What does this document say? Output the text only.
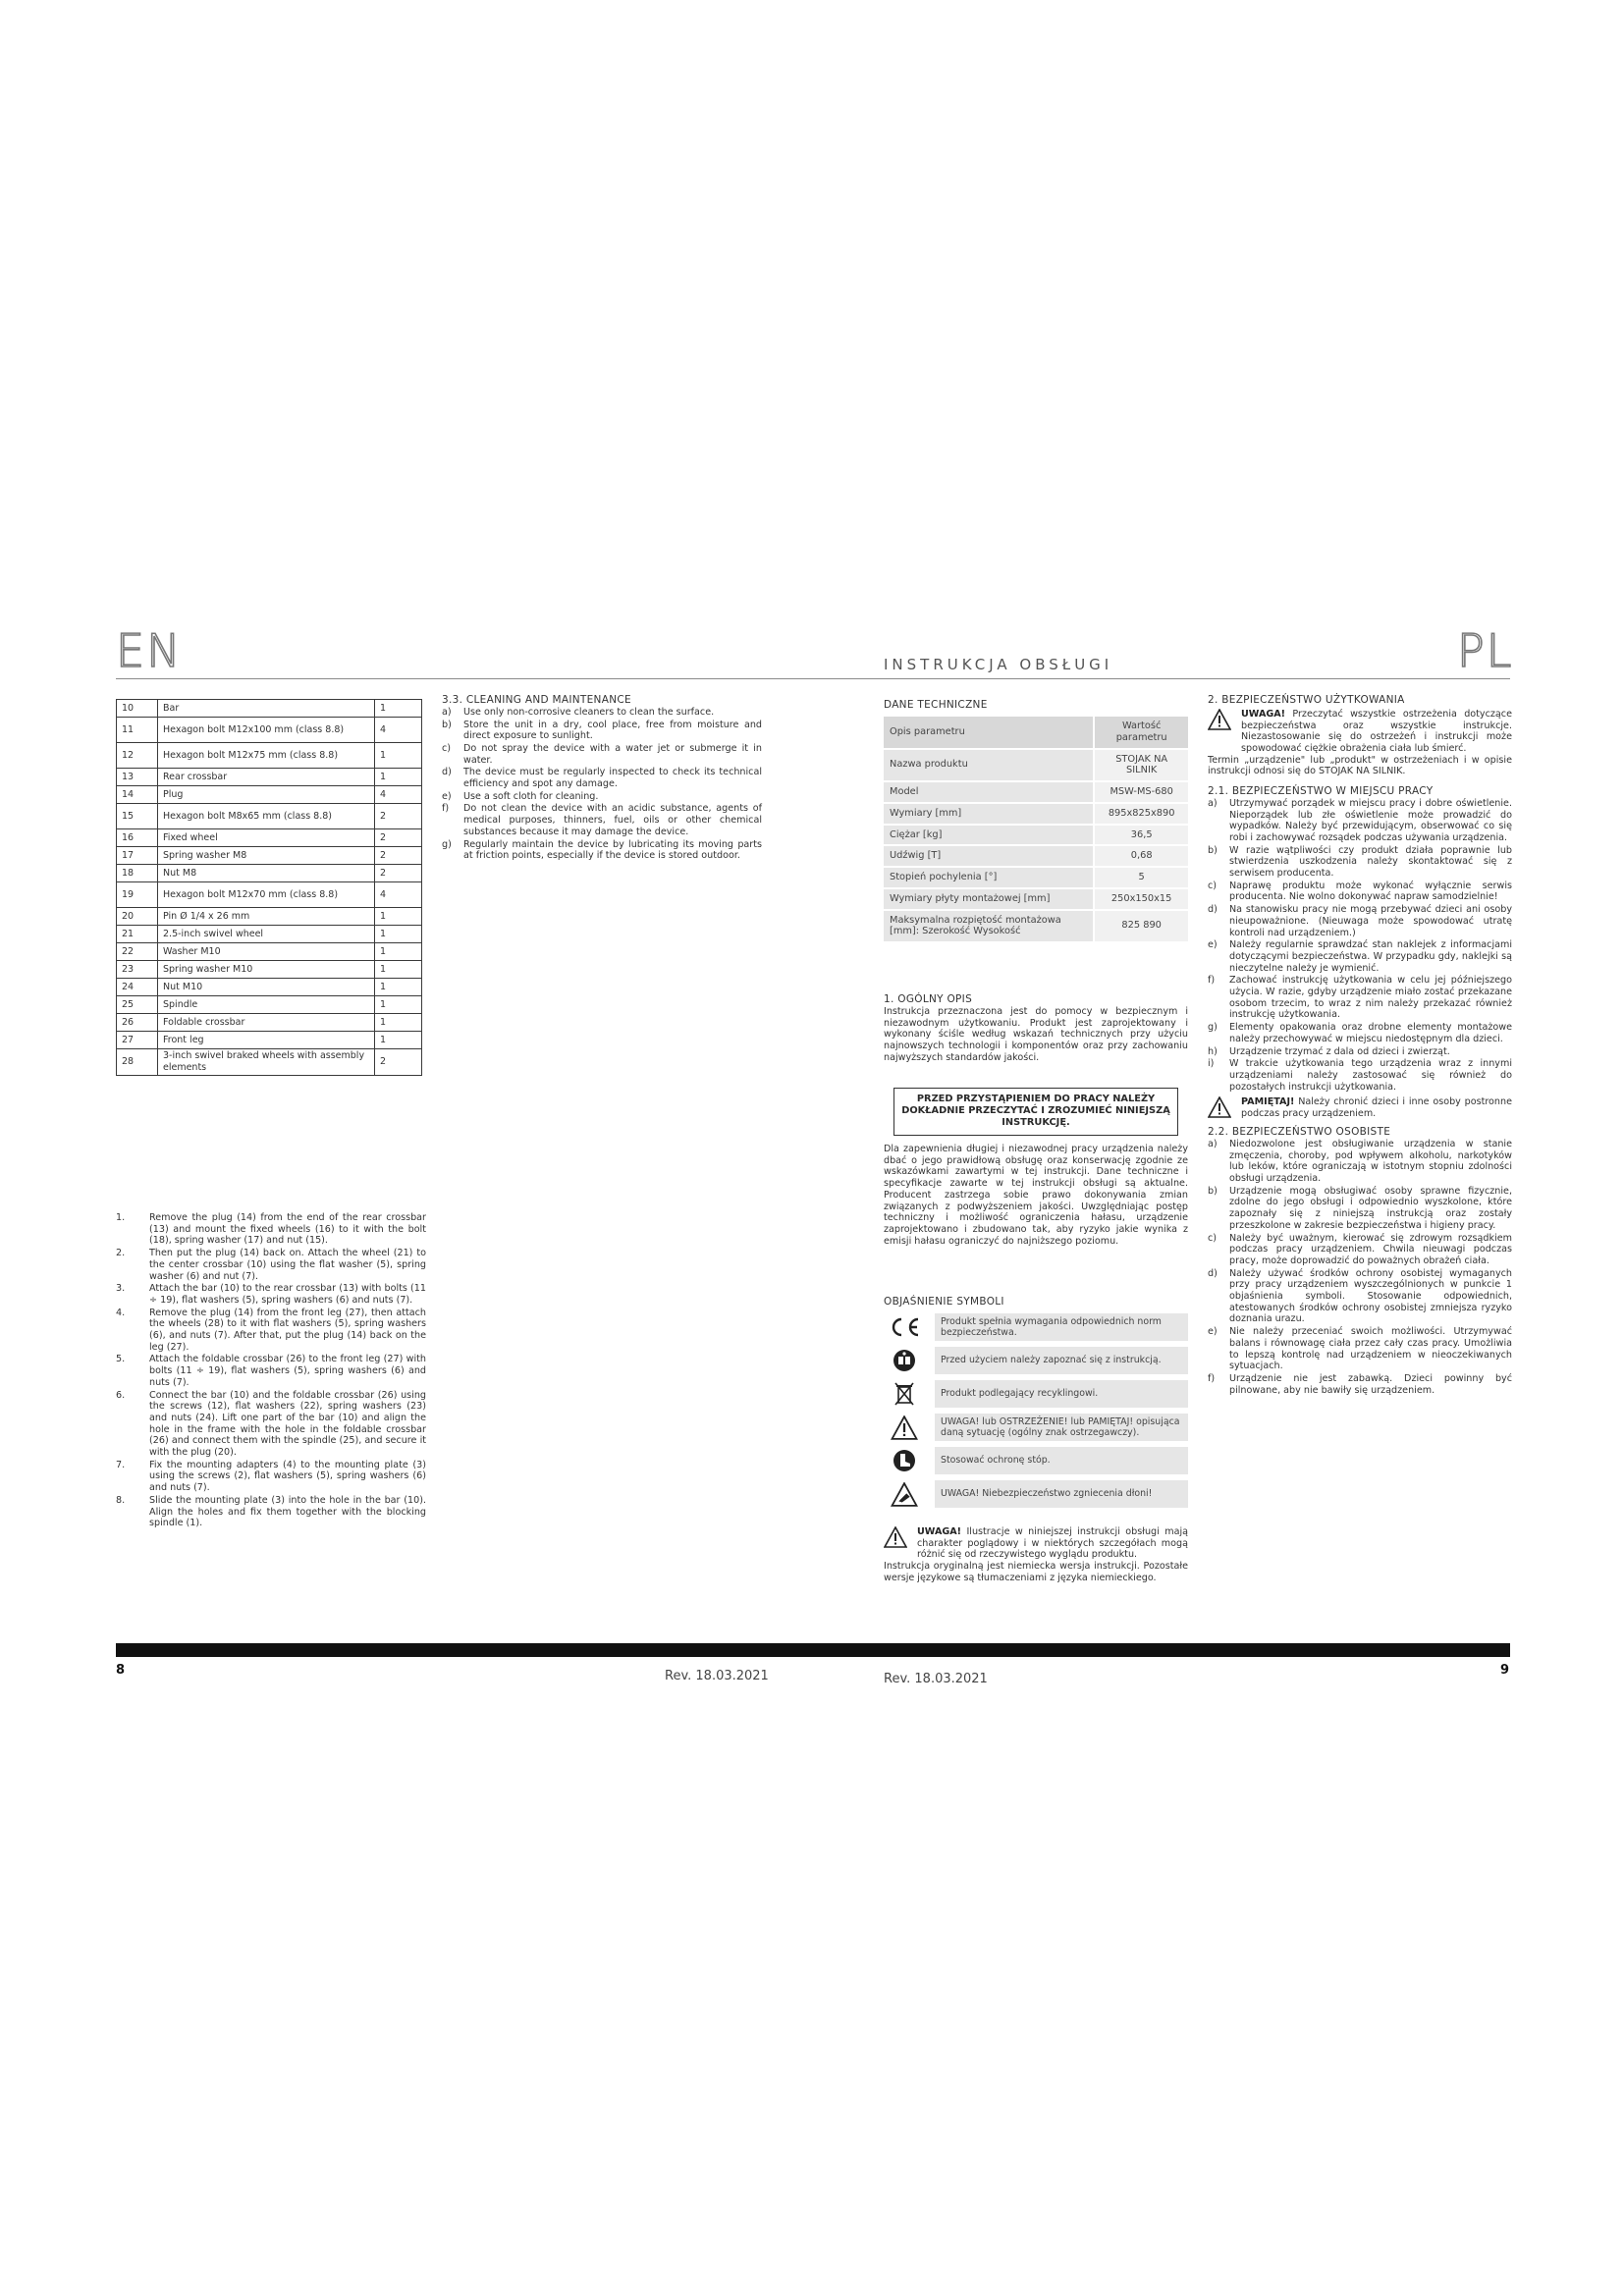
EN	INSTRUKCJA OBSŁUGI	PL
10	Bar	1
11	Hexagon bolt M12x100 mm (class 8.8)	4
12	Hexagon bolt M12x75 mm (class 8.8)	1
13	Rear crossbar	1
14	Plug	4
15	Hexagon bolt M8x65 mm (class 8.8)	2
16	Fixed wheel	2
17	Spring washer M8	2
18	Nut M8	2
19	Hexagon bolt M12x70 mm (class 8.8)	4
20	Pin Ø 1/4 x 26 mm	1
21	2.5-inch swivel wheel	1
22	Washer M10	1
23	Spring washer M10	1
24	Nut M10	1
25	Spindle	1
26	Foldable crossbar	1
27	Front leg	1
28	3-inch swivel braked wheels with assembly elements	2
1.	Remove the plug (14) from the end of the rear crossbar (13) and mount the fixed wheels (16) to it with the bolt (18), spring washer (17) and nut (15).
2.	Then put the plug (14) back on. Attach the wheel (21) to the center crossbar (10) using the flat washer (5), spring washer (6) and nut (7).
3.	Attach the bar (10) to the rear crossbar (13) with bolts (11 ÷ 19), flat washers (5), spring washers (6) and nuts (7).
4.	Remove the plug (14) from the front leg (27), then attach the wheels (28) to it with flat washers (5), spring washers (6), and nuts (7). After that, put the plug (14) back on the leg (27).
5.	Attach the foldable crossbar (26) to the front leg (27) with bolts (11 ÷ 19), flat washers (5), spring washers (6) and nuts (7).
6.	Connect the bar (10) and the foldable crossbar (26) using the screws (12), flat washers (22), spring washers (23) and nuts (24). Lift one part of the bar (10) and align the hole in the frame with the hole in the foldable crossbar (26) and connect them with the spindle (25), and secure it with the plug (20).
7.	Fix the mounting adapters (4) to the mounting plate (3) using the screws (2), flat washers (5), spring washers (6) and nuts (7).
8.	Slide the mounting plate (3) into the hole in the bar (10). Align the holes and fix them together with the blocking spindle (1).
3.3. CLEANING AND MAINTENANCE
a) Use only non-corrosive cleaners to clean the surface.
b) Store the unit in a dry, cool place, free from moisture and direct exposure to sunlight.
c) Do not spray the device with a water jet or submerge it in water.
d) The device must be regularly inspected to check its technical efficiency and spot any damage.
e) Use a soft cloth for cleaning.
f) Do not clean the device with an acidic substance, agents of medical purposes, thinners, fuel, oils or other chemical substances because it may damage the device.
g) Regularly maintain the device by lubricating its moving parts at friction points, especially if the device is stored outdoor.
DANE TECHNICZNE
Opis parametru	Wartość parametru
Nazwa produktu	STOJAK NA SILNIK
Model	MSW-MS-680
Wymiary [mm]	895x825x890
Ciężar [kg]	36,5
Udźwig [T]	0,68
Stopień pochylenia [°]	5
Wymiary płyty montażowej [mm]	250x150x15
Maksymalna rozpiętość montażowa [mm]: Szerokość Wysokość	825 890
1. OGÓLNY OPIS
Instrukcja przeznaczona jest do pomocy w bezpiecznym i niezawodnym użytkowaniu. Produkt jest zaprojektowany i wykonany ściśle według wskazań technicznych przy użyciu najnowszych technologii i komponentów oraz przy zachowaniu najwyższych standardów jakości.
PRZED PRZYSTĄPIENIEM DO PRACY NALEŻY DOKŁADNIE PRZECZYTAĆ I ZROZUMIEĆ NINIEJSZĄ INSTRUKCJĘ.
Dla zapewnienia długiej i niezawodnej pracy urządzenia należy dbać o jego prawidłową obsługę oraz konserwację zgodnie ze wskazówkami zawartymi w tej instrukcji. Dane techniczne i specyfikacje zawarte w tej instrukcji obsługi są aktualne. Producent zastrzega sobie prawo dokonywania zmian związanych z podwyższeniem jakości. Uwzględniając postęp techniczny i możliwość ograniczenia hałasu, urządzenie zaprojektowano i zbudowano tak, aby ryzyko jakie wynika z emisji hałasu ograniczyć do najniższego poziomu.
OBJAŚNIENIE SYMBOLI
Produkt spełnia wymagania odpowiednich norm bezpieczeństwa.
Przed użyciem należy zapoznać się z instrukcją.
Produkt podlegający recyklingowi.
UWAGA! lub OSTRZEŻENIE! lub PAMIĘTAJ! opisująca daną sytuację (ogólny znak ostrzegawczy).
Stosować ochronę stóp.
UWAGA! Niebezpieczeństwo zgniecenia dłoni!
UWAGA! Ilustracje w niniejszej instrukcji obsługi mają charakter poglądowy i w niektórych szczegółach mogą różnić się od rzeczywistego wyglądu produktu.
Instrukcja oryginalną jest niemiecka wersja instrukcji. Pozostałe wersje językowe są tłumaczeniami z języka niemieckiego.
2. BEZPIECZEŃSTWO UŻYTKOWANIA
UWAGA! Przeczytać wszystkie ostrzeżenia dotyczące bezpieczeństwa oraz wszystkie instrukcje. Niezastosowanie się do ostrzeżeń i instrukcji może spowodować ciężkie obrażenia ciała lub śmierć.
Termin „urządzenie" lub „produkt" w ostrzeżeniach i w opisie instrukcji odnosi się do STOJAK NA SILNIK.
2.1. BEZPIECZEŃSTWO W MIEJSCU PRACY
a) Utrzymywać porządek w miejscu pracy i dobre oświetlenie. Nieporządek lub złe oświetlenie może prowadzić do wypadków. Należy być przewidującym, obserwować co się robi i zachowywać rozsądek podczas używania urządzenia.
b) W razie wątpliwości czy produkt działa poprawnie lub stwierdzenia uszkodzenia należy skontaktować się z serwisem producenta.
c) Naprawę produktu może wykonać wyłącznie serwis producenta. Nie wolno dokonywać napraw samodzielnie!
d) Na stanowisku pracy nie mogą przebywać dzieci ani osoby nieupoważnione. (Nieuwaga może spowodować utratę kontroli nad urządzeniem.)
e) Należy regularnie sprawdzać stan naklejek z informacjami dotyczącymi bezpieczeństwa. W przypadku gdy, naklejki są nieczytelne należy je wymienić.
f) Zachować instrukcję użytkowania w celu jej późniejszego użycia. W razie, gdyby urządzenie miało zostać przekazane osobom trzecim, to wraz z nim należy przekazać również instrukcję użytkowania.
g) Elementy opakowania oraz drobne elementy montażowe należy przechowywać w miejscu niedostępnym dla dzieci.
h) Urządzenie trzymać z dala od dzieci i zwierząt.
i) W trakcie użytkowania tego urządzenia wraz z innymi urządzeniami należy zastosować się również do pozostałych instrukcji użytkowania.
PAMIĘTAJ! Należy chronić dzieci i inne osoby postronne podczas pracy urządzeniem.
2.2. BEZPIECZEŃSTWO OSOBISTE
a) Niedozwolone jest obsługiwanie urządzenia w stanie zmęczenia, choroby, pod wpływem alkoholu, narkotyków lub leków, które ograniczają w istotnym stopniu zdolności obsługi urządzenia.
b) Urządzenie mogą obsługiwać osoby sprawne fizycznie, zdolne do jego obsługi i odpowiednio wyszkolone, które zapoznały się z niniejszą instrukcją oraz zostały przeszkolone w zakresie bezpieczeństwa i higieny pracy.
c) Należy być uważnym, kierować się zdrowym rozsądkiem podczas pracy urządzeniem. Chwila nieuwagi podczas pracy, może doprowadzić do poważnych obrażeń ciała.
d) Należy używać środków ochrony osobistej wymaganych przy pracy urządzeniem wyszczególnionych w punkcie 1 objaśnienia symboli. Stosowanie odpowiednich, atestowanych środków ochrony osobistej zmniejsza ryzyko doznania urazu.
e) Nie należy przeceniać swoich możliwości. Utrzymywać balans i równowagę ciała przez cały czas pracy. Umożliwia to lepszą kontrolę nad urządzeniem w nieoczekiwanych sytuacjach.
f) Urządzenie nie jest zabawką. Dzieci powinny być pilnowane, aby nie bawiły się urządzeniem.
8	Rev. 18.03.2021	Rev. 18.03.2021
9
